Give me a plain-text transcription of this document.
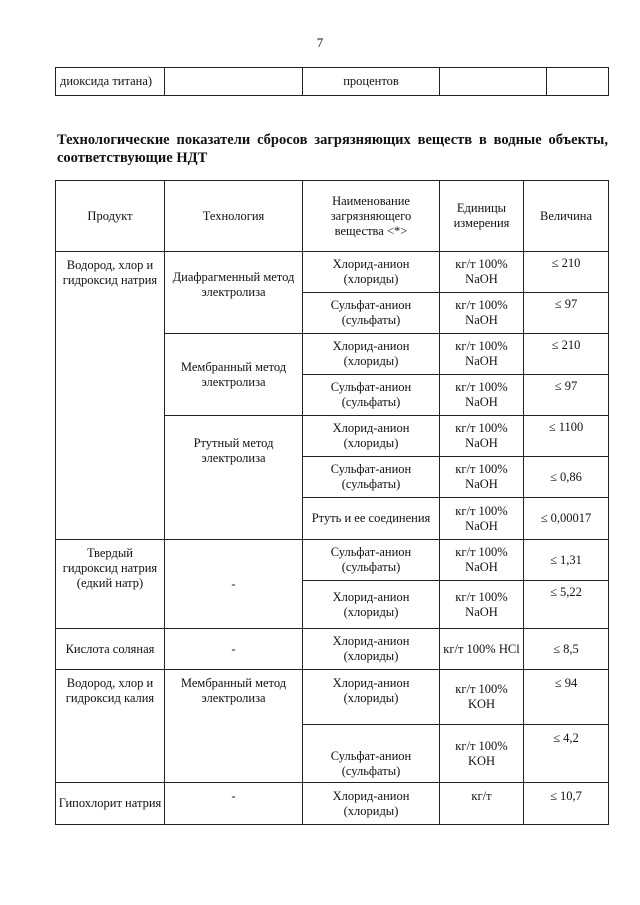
7
диоксида титана)		процентов		
Технологические показатели сбросов загрязняющих веществ в водные объекты, соответствующие НДТ
Продукт	Технология	Наименование загрязняющего вещества <*>	Единицы измерения	Величина
Водород, хлор и гидроксид натрия	Диафрагменный метод электролиза	Хлорид-анион (хлориды)	кг/т 100% NaOH	≤ 210
		Сульфат-анион (сульфаты)	кг/т 100% NaOH	≤ 97
	Мембранный метод электролиза	Хлорид-анион (хлориды)	кг/т 100% NaOH	≤ 210
		Сульфат-анион (сульфаты)	кг/т 100% NaOH	≤ 97
	Ртутный метод электролиза	Хлорид-анион (хлориды)	кг/т 100% NaOH	≤ 1100
		Сульфат-анион (сульфаты)	кг/т 100% NaOH	≤ 0,86
		Ртуть и ее соединения	кг/т 100% NaOH	≤ 0,00017
Твердый гидроксид натрия (едкий натр)	-	Сульфат-анион (сульфаты)	кг/т 100% NaOH	≤ 1,31
		Хлорид-анион (хлориды)	кг/т 100% NaOH	≤ 5,22
Кислота соляная	-	Хлорид-анион (хлориды)	кг/т 100% HCl	≤ 8,5
Водород, хлор и гидроксид калия	Мембранный метод электролиза	Хлорид-анион (хлориды)	кг/т 100% KOH	≤ 94
		Сульфат-анион (сульфаты)	кг/т 100% KOH	≤ 4,2
Гипохлорит натрия	-	Хлорид-анион (хлориды)	кг/т	≤ 10,7
